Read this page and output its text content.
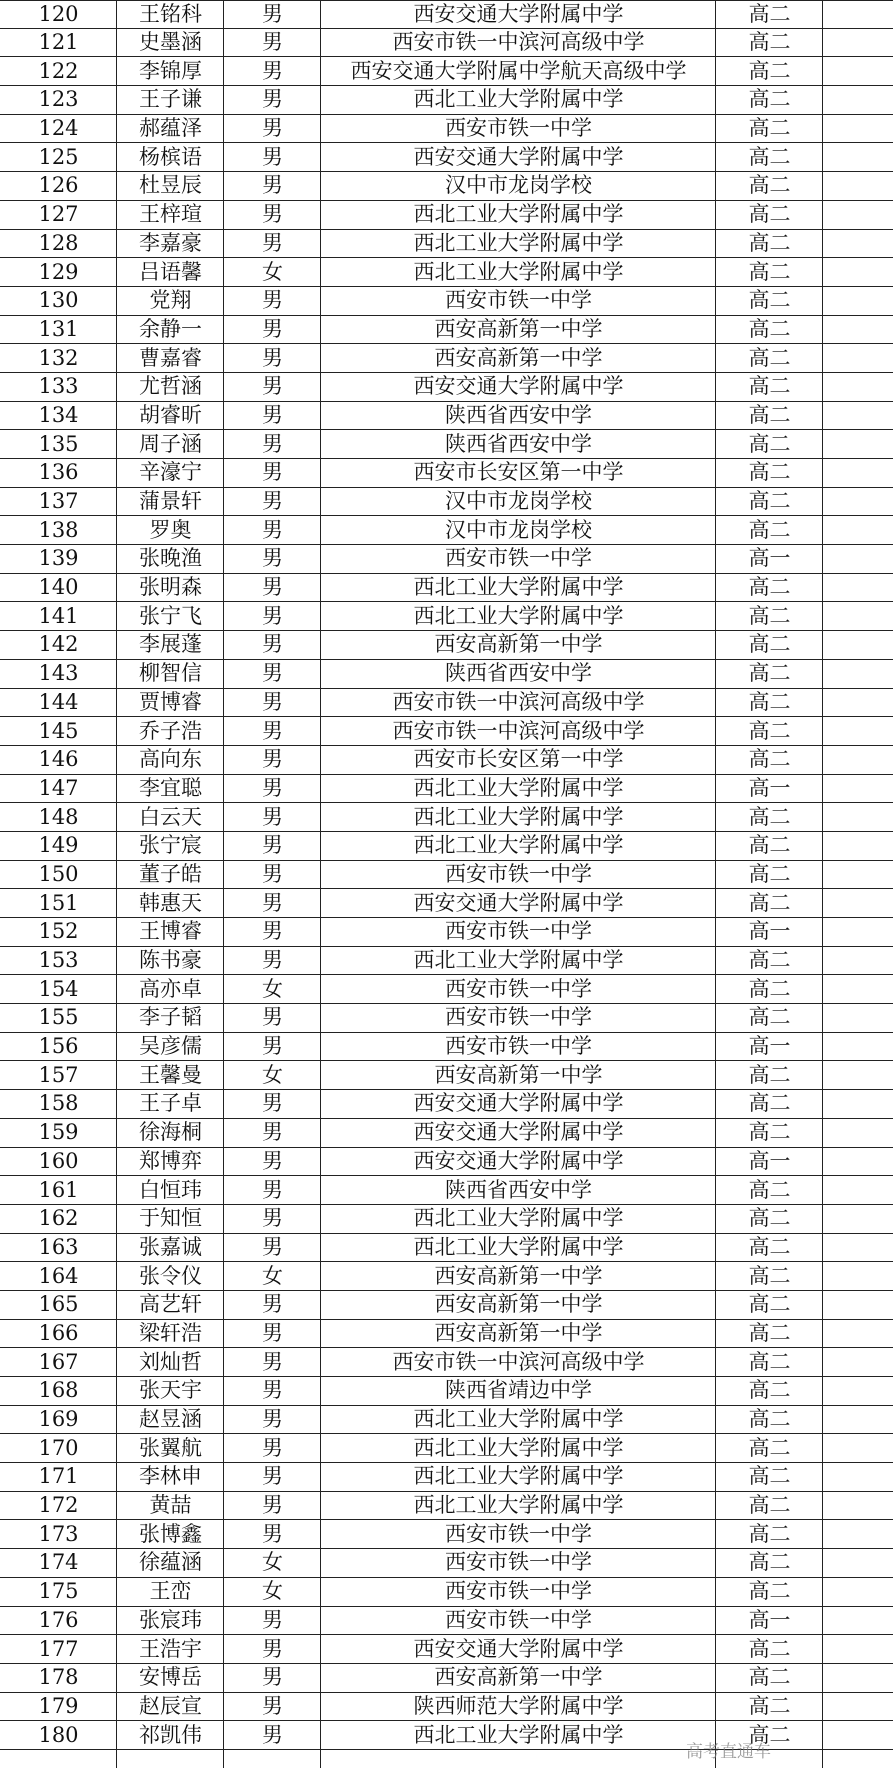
120	王铭科	男	西安交通大学附属中学	高二
121	史墨涵	男	西安市铁一中滨河高级中学	高二
122	李锦厚	男	西安交通大学附属中学航天高级中学	高二
123	王子谦	男	西北工业大学附属中学	高二
124	郝蕴泽	男	西安市铁一中学	高二
125	杨槟语	男	西安交通大学附属中学	高二
126	杜昱辰	男	汉中市龙岗学校	高二
127	王梓瑄	男	西北工业大学附属中学	高二
128	李嘉豪	男	西北工业大学附属中学	高二
129	吕语馨	女	西北工业大学附属中学	高二
130	党翔	男	西安市铁一中学	高二
131	余静一	男	西安高新第一中学	高二
132	曹嘉睿	男	西安高新第一中学	高二
133	尤哲涵	男	西安交通大学附属中学	高二
134	胡睿昕	男	陕西省西安中学	高二
135	周子涵	男	陕西省西安中学	高二
136	辛濠宁	男	西安市长安区第一中学	高二
137	蒲景轩	男	汉中市龙岗学校	高二
138	罗奥	男	汉中市龙岗学校	高二
139	张晚渔	男	西安市铁一中学	高一
140	张明森	男	西北工业大学附属中学	高二
141	张宁飞	男	西北工业大学附属中学	高二
142	李展蓬	男	西安高新第一中学	高二
143	柳智信	男	陕西省西安中学	高二
144	贾博睿	男	西安市铁一中滨河高级中学	高二
145	乔子浩	男	西安市铁一中滨河高级中学	高二
146	高向东	男	西安市长安区第一中学	高二
147	李宜聪	男	西北工业大学附属中学	高一
148	白云天	男	西北工业大学附属中学	高二
149	张宁宸	男	西北工业大学附属中学	高二
150	董子皓	男	西安市铁一中学	高二
151	韩惠天	男	西安交通大学附属中学	高二
152	王博睿	男	西安市铁一中学	高一
153	陈书豪	男	西北工业大学附属中学	高二
154	高亦卓	女	西安市铁一中学	高二
155	李子韬	男	西安市铁一中学	高二
156	吴彦儒	男	西安市铁一中学	高一
157	王馨曼	女	西安高新第一中学	高二
158	王子卓	男	西安交通大学附属中学	高二
159	徐海桐	男	西安交通大学附属中学	高二
160	郑博弈	男	西安交通大学附属中学	高一
161	白恒玮	男	陕西省西安中学	高二
162	于知恒	男	西北工业大学附属中学	高二
163	张嘉诚	男	西北工业大学附属中学	高二
164	张令仪	女	西安高新第一中学	高二
165	高艺轩	男	西安高新第一中学	高二
166	梁轩浩	男	西安高新第一中学	高二
167	刘灿哲	男	西安市铁一中滨河高级中学	高二
168	张天宇	男	陕西省靖边中学	高二
169	赵昱涵	男	西北工业大学附属中学	高二
170	张翼航	男	西北工业大学附属中学	高二
171	李林申	男	西北工业大学附属中学	高二
172	黄喆	男	西北工业大学附属中学	高二
173	张博鑫	男	西安市铁一中学	高二
174	徐蕴涵	女	西安市铁一中学	高二
175	王峦	女	西安市铁一中学	高二
176	张宸玮	男	西安市铁一中学	高一
177	王浩宇	男	西安交通大学附属中学	高二
178	安博岳	男	西安高新第一中学	高二
179	赵辰宣	男	陕西师范大学附属中学	高二
180	祁凯伟	男	西北工业大学附属中学	高二
高考直通车
